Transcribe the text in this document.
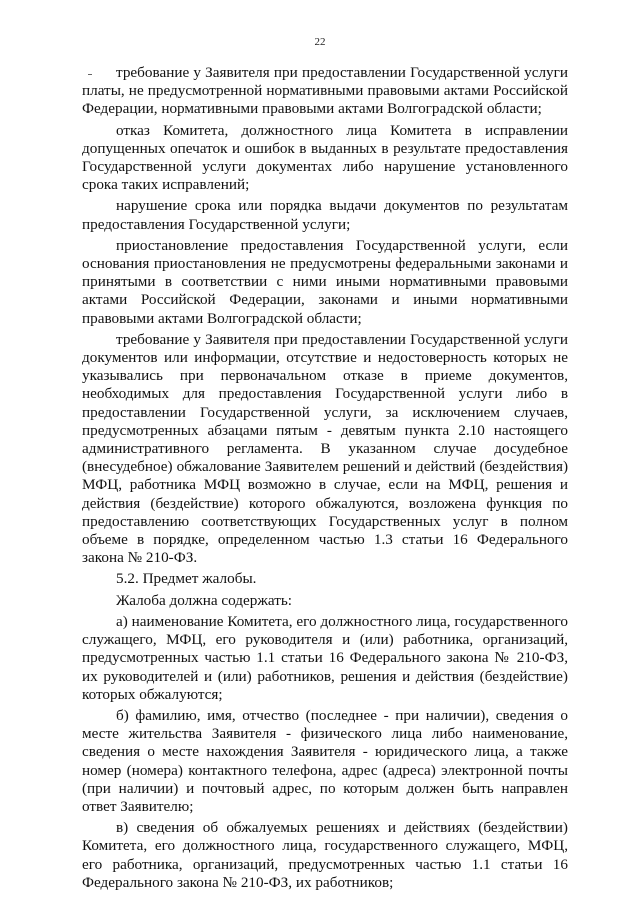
22

требование у Заявителя при предоставлении Государственной услуги платы, не предусмотренной нормативными правовыми актами Российской Федерации, нормативными правовыми актами Волгоградской области;

отказ Комитета, должностного лица Комитета в исправлении допущенных опечаток и ошибок в выданных в результате предоставления Государственной услуги документах либо нарушение установленного срока таких исправлений;

нарушение срока или порядка выдачи документов по результатам предоставления Государственной услуги;

приостановление предоставления Государственной услуги, если основания приостановления не предусмотрены федеральными законами и принятыми в соответствии с ними иными нормативными правовыми актами Российской Федерации, законами и иными нормативными правовыми актами Волгоградской области;

требование у Заявителя при предоставлении Государственной услуги документов или информации, отсутствие и недостоверность которых не указывались при первоначальном отказе в приеме документов, необходимых для предоставления Государственной услуги либо в предоставлении Государственной услуги, за исключением случаев, предусмотренных абзацами пятым - девятым пункта 2.10 настоящего административного регламента. В указанном случае досудебное (внесудебное) обжалование Заявителем решений и действий (бездействия) МФЦ, работника МФЦ возможно в случае, если на МФЦ, решения и действия (бездействие) которого обжалуются, возложена функция по предоставлению соответствующих Государственных услуг в полном объеме в порядке, определенном частью 1.3 статьи 16 Федерального закона № 210-ФЗ.

5.2. Предмет жалобы.

Жалоба должна содержать:

а) наименование Комитета, его должностного лица, государственного служащего, МФЦ, его руководителя и (или) работника, организаций, предусмотренных частью 1.1 статьи 16 Федерального закона № 210-ФЗ, их руководителей и (или) работников, решения и действия (бездействие) которых обжалуются;

б) фамилию, имя, отчество (последнее - при наличии), сведения о месте жительства Заявителя - физического лица либо наименование, сведения о месте нахождения Заявителя - юридического лица, а также номер (номера) контактного телефона, адрес (адреса) электронной почты (при наличии) и почтовый адрес, по которым должен быть направлен ответ Заявителю;

в) сведения об обжалуемых решениях и действиях (бездействии) Комитета, его должностного лица, государственного служащего, МФЦ, его работника, организаций, предусмотренных частью 1.1 статьи 16 Федерального закона № 210-ФЗ, их работников;
